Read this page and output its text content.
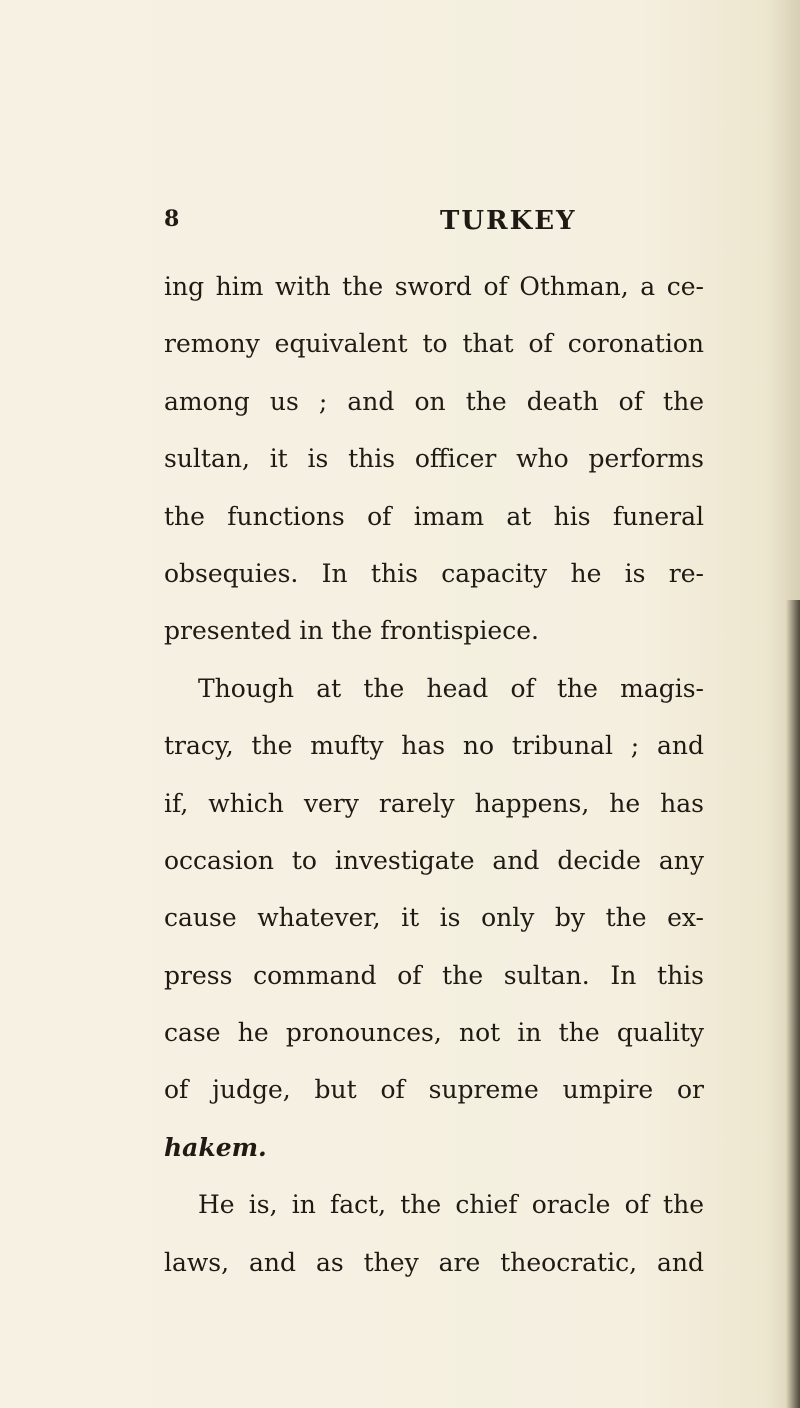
8	TURKEY
ing him with the sword of Othman, a ce-
remony equivalent to that of coronation
among us ; and on the death of the
sultan, it is this officer who performs
the functions of imam at his funeral
obsequies. In this capacity he is re-
presented in the frontispiece.
Though at the head of the magis-
tracy, the mufty has no tribunal ; and
if, which very rarely happens, he has
occasion to investigate and decide any
cause whatever, it is only by the ex-
press command of the sultan. In this
case he pronounces, not in the quality
of judge, but of supreme umpire or
hakem.
He is, in fact, the chief oracle of the
laws, and as they are theocratic, and
